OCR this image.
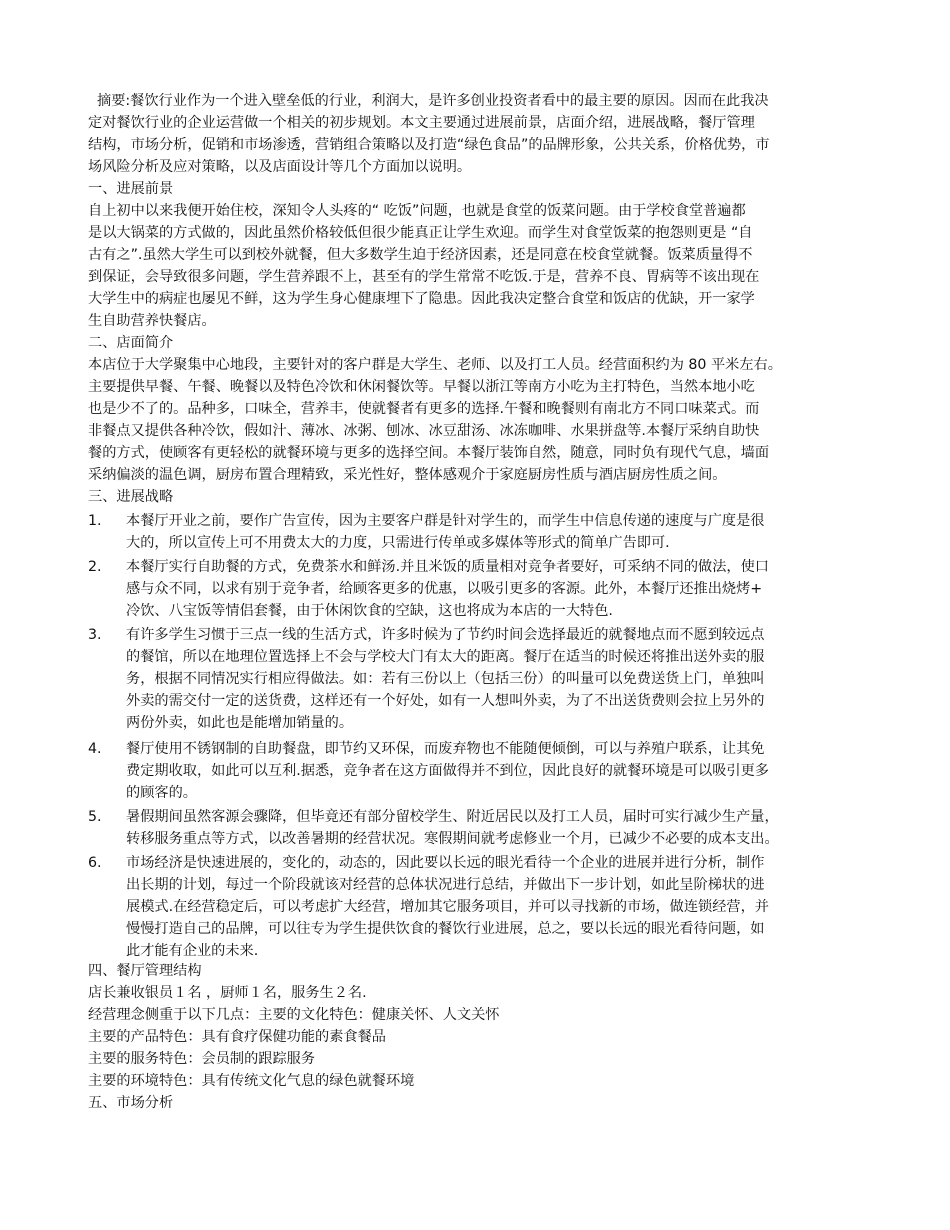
摘要:餐饮行业作为一个进入壁垒低的行业，利润大，是许多创业投资者看中的最主要的原因。因而在此我决
定对餐饮行业的企业运营做一个相关的初步规划。本文主要通过进展前景，店面介绍，进展战略，餐厅管理
结构，市场分析，促销和市场渗透，营销组合策略以及打造“绿色食品”的品牌形象，公共关系，价格优势，市
场风险分析及应对策略，以及店面设计等几个方面加以说明。
一、进展前景
自上初中以来我便开始住校，深知令人头疼的“ 吃饭”问题，也就是食堂的饭菜问题。由于学校食堂普遍都
是以大锅菜的方式做的，因此虽然价格较低但很少能真正让学生欢迎。而学生对食堂饭菜的抱怨则更是 “自
古有之”.虽然大学生可以到校外就餐，但大多数学生迫于经济因素，还是同意在校食堂就餐。饭菜质量得不
到保证，会导致很多问题，学生营养跟不上，甚至有的学生常常不吃饭.于是，营养不良、胃病等不该出现在
大学生中的病症也屡见不鲜，这为学生身心健康埋下了隐患。因此我决定整合食堂和饭店的优缺，开一家学
生自助营养快餐店。
二、店面简介
本店位于大学聚集中心地段，主要针对的客户群是大学生、老师、以及打工人员。经营面积约为 80 平米左右。
主要提供早餐、午餐、晚餐以及特色冷饮和休闲餐饮等。早餐以浙江等南方小吃为主打特色，当然本地小吃
也是少不了的。品种多，口味全，营养丰，使就餐者有更多的选择.午餐和晚餐则有南北方不同口味菜式。而
非餐点又提供各种冷饮，假如汁、薄冰、冰粥、刨冰、冰豆甜汤、冰冻咖啡、水果拼盘等.本餐厅采纳自助快
餐的方式，使顾客有更轻松的就餐环境与更多的选择空间。本餐厅装饰自然，随意，同时负有现代气息，墙面
采纳偏淡的温色调，厨房布置合理精致，采光性好，整体感观介于家庭厨房性质与酒店厨房性质之间。
三、进展战略
1.	本餐厅开业之前，要作广告宣传，因为主要客户群是针对学生的，而学生中信息传递的速度与广度是很
大的，所以宣传上可不用费太大的力度，只需进行传单或多媒体等形式的简单广告即可.
2.	本餐厅实行自助餐的方式，免费茶水和鲜汤.并且米饭的质量相对竞争者要好，可采纳不同的做法，使口
感与众不同，以求有别于竞争者，给顾客更多的优惠，以吸引更多的客源。此外，本餐厅还推出烧烤+
冷饮、八宝饭等情侣套餐，由于休闲饮食的空缺，这也将成为本店的一大特色.
3.	有许多学生习惯于三点一线的生活方式，许多时候为了节约时间会选择最近的就餐地点而不愿到较远点
的餐馆，所以在地理位置选择上不会与学校大门有太大的距离。餐厅在适当的时候还将推出送外卖的服
务，根据不同情况实行相应得做法。如：若有三份以上（包括三份）的叫量可以免费送货上门，单独叫
外卖的需交付一定的送货费，这样还有一个好处，如有一人想叫外卖，为了不出送货费则会拉上另外的
两份外卖，如此也是能增加销量的。
4.	餐厅使用不锈钢制的自助餐盘，即节约又环保，而废弃物也不能随便倾倒，可以与养殖户联系，让其免
费定期收取，如此可以互利.据悉，竞争者在这方面做得并不到位，因此良好的就餐环境是可以吸引更多
的顾客的。
5.	暑假期间虽然客源会骤降，但毕竟还有部分留校学生、附近居民以及打工人员，届时可实行减少生产量，
转移服务重点等方式，以改善暑期的经营状况。寒假期间就考虑修业一个月，已减少不必要的成本支出。
6.	市场经济是快速进展的，变化的，动态的，因此要以长远的眼光看待一个企业的进展并进行分析，制作
出长期的计划，每过一个阶段就该对经营的总体状况进行总结，并做出下一步计划，如此呈阶梯状的进
展模式.在经营稳定后，可以考虑扩大经营，增加其它服务项目，并可以寻找新的市场，做连锁经营，并
慢慢打造自己的品牌，可以往专为学生提供饮食的餐饮行业进展，总之，要以长远的眼光看待问题，如
此才能有企业的未来.
四、餐厅管理结构
店长兼收银员１名 ，厨师１名，服务生２名.
经营理念侧重于以下几点：主要的文化特色：健康关怀、人文关怀
主要的产品特色：具有食疗保健功能的素食餐品
主要的服务特色：会员制的跟踪服务
主要的环境特色：具有传统文化气息的绿色就餐环境
五、市场分析
